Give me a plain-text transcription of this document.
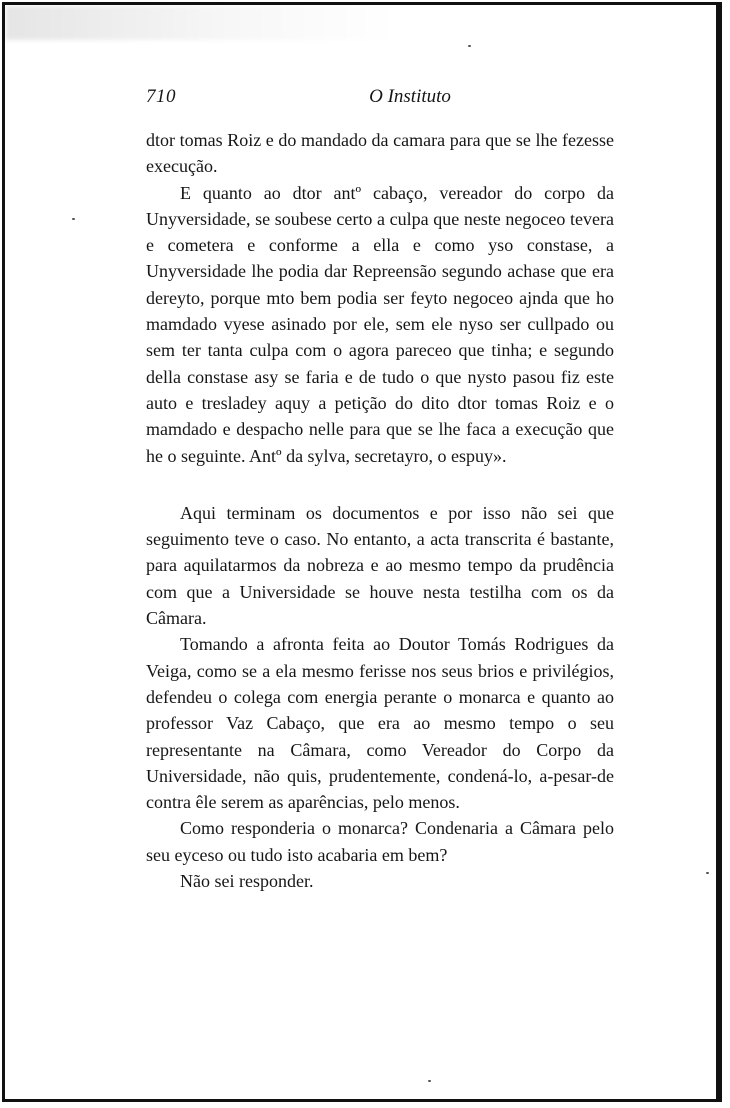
710	O Instituto

dtor tomas Roiz e do mandado da camara para que se lhe fezesse execução.

E quanto ao dtor antº cabaço, vereador do corpo da Unyversidade, se soubese certo a culpa que neste negoceo tevera e cometera e conforme a ella e como yso constase, a Unyversidade lhe podia dar Repreensão segundo achase que era dereyto, porque mto bem podia ser feyto negoceo ajnda que ho mamdado vyese asinado por ele, sem ele nyso ser cullpado ou sem ter tanta culpa com o agora pareceo que tinha; e segundo della constase asy se faria e de tudo o que nysto pasou fiz este auto e tresladey aquy a petição do dito dtor tomas Roiz e o mamdado e despacho nelle para que se lhe faca a execução que he o seguinte. Antº da sylva, secretayro, o espuy».

Aqui terminam os documentos e por isso não sei que seguimento teve o caso. No entanto, a acta transcrita é bastante, para aquilatarmos da nobreza e ao mesmo tempo da prudência com que a Universidade se houve nesta testilha com os da Câmara.

Tomando a afronta feita ao Doutor Tomás Rodrigues da Veiga, como se a ela mesmo ferisse nos seus brios e privilégios, defendeu o colega com energia perante o monarca e quanto ao professor Vaz Cabaço, que era ao mesmo tempo o seu representante na Câmara, como Vereador do Corpo da Universidade, não quis, prudentemente, condená-lo, a-pesar-de contra êle serem as aparências, pelo menos.

Como responderia o monarca? Condenaria a Câmara pelo seu eyceso ou tudo isto acabaria em bem?

Não sei responder.
